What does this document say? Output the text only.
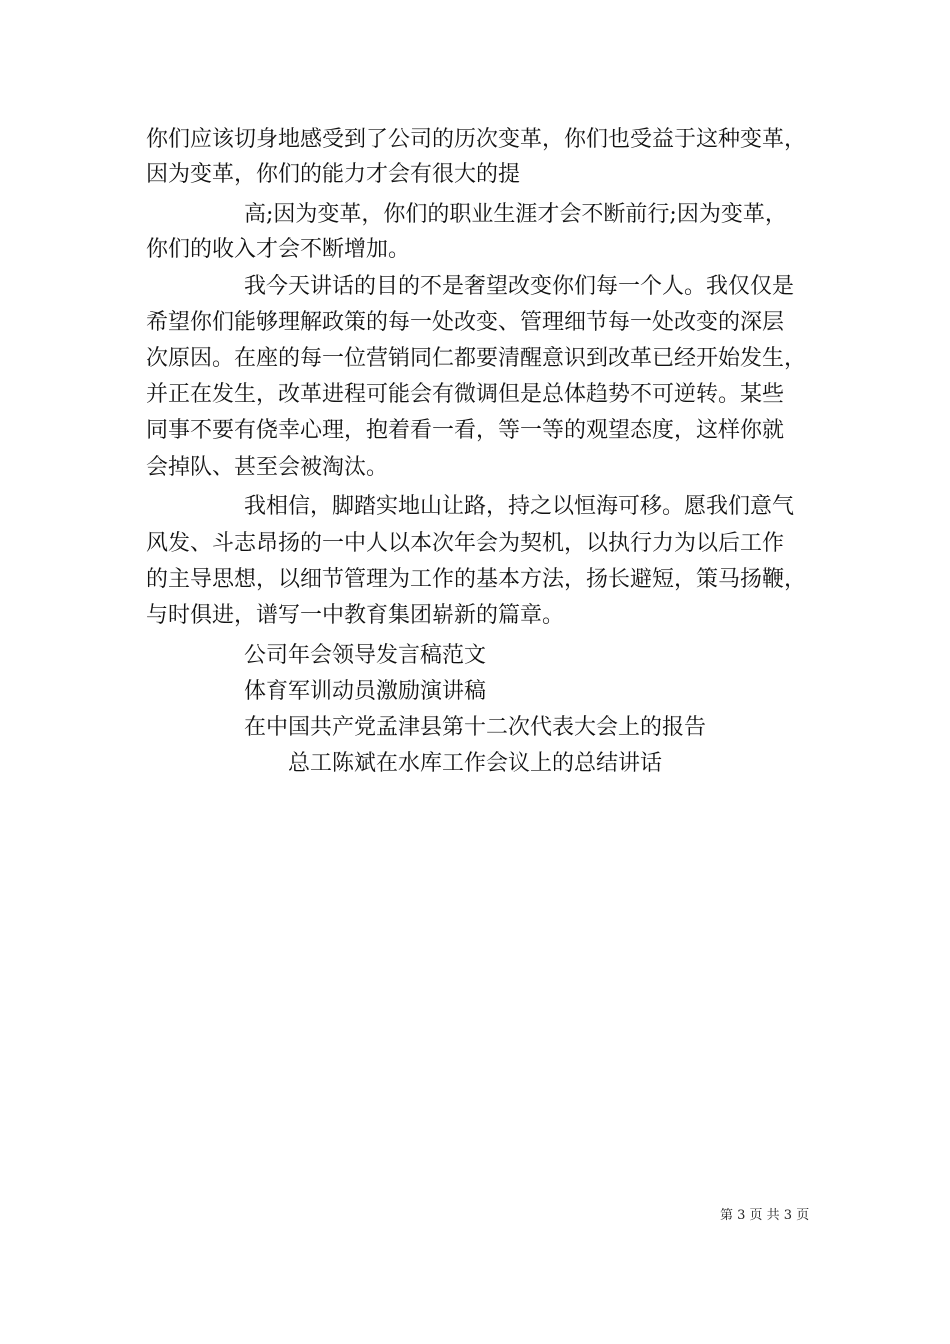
你们应该切身地感受到了公司的历次变革，你们也受益于这种变革，
因为变革，你们的能力才会有很大的提
高;因为变革，你们的职业生涯才会不断前行;因为变革，
你们的收入才会不断增加。
我今天讲话的目的不是奢望改变你们每一个人。我仅仅是
希望你们能够理解政策的每一处改变、管理细节每一处改变的深层
次原因。在座的每一位营销同仁都要清醒意识到改革已经开始发生，
并正在发生，改革进程可能会有微调但是总体趋势不可逆转。某些
同事不要有侥幸心理，抱着看一看，等一等的观望态度，这样你就
会掉队、甚至会被淘汰。
我相信，脚踏实地山让路，持之以恒海可移。愿我们意气
风发、斗志昂扬的一中人以本次年会为契机，以执行力为以后工作
的主导思想，以细节管理为工作的基本方法，扬长避短，策马扬鞭，
与时俱进，谱写一中教育集团崭新的篇章。
公司年会领导发言稿范文
体育军训动员激励演讲稿
在中国共产党孟津县第十二次代表大会上的报告
总工陈斌在水库工作会议上的总结讲话
第 3 页 共 3 页
